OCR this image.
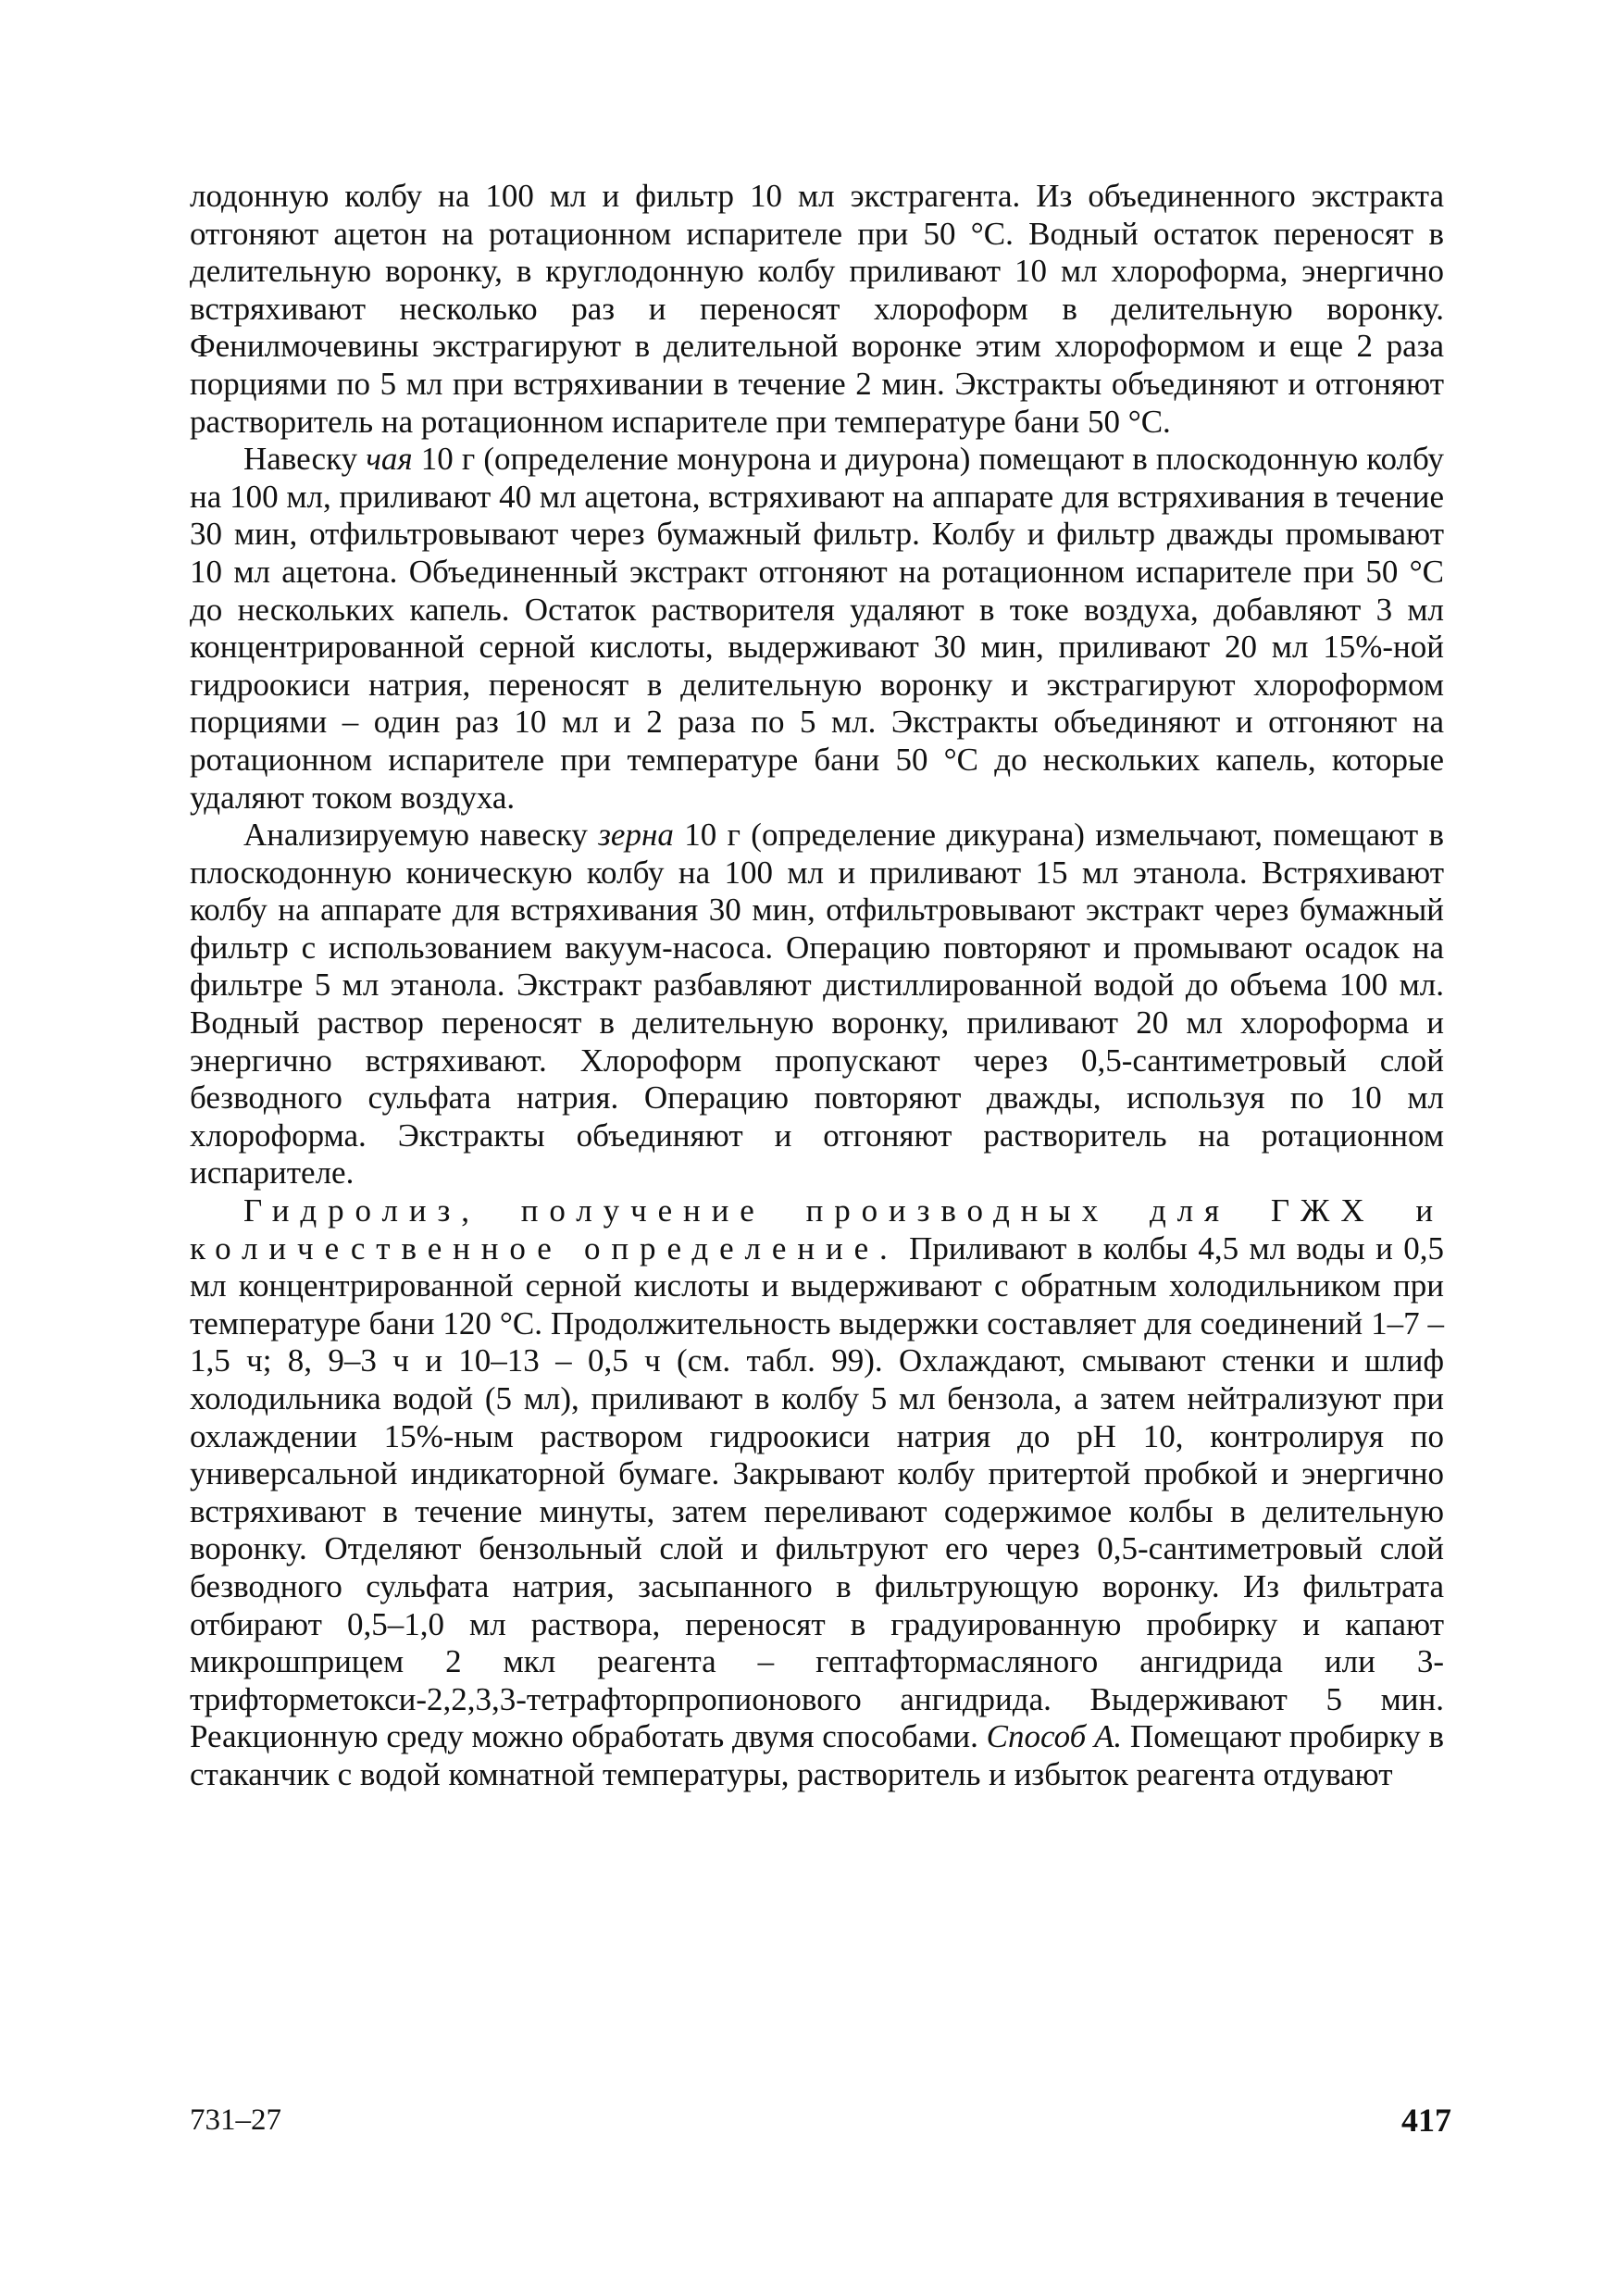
лодонную колбу на 100 мл и фильтр 10 мл экстрагента. Из объединенного экстракта отгоняют ацетон на ротационном испарителе при 50 °С. Водный остаток переносят в делительную воронку, в круглодонную колбу приливают 10 мл хлороформа, энергично встряхивают несколько раз и переносят хлороформ в делительную воронку. Фенилмочевины экстрагируют в делительной воронке этим хлороформом и еще 2 раза порциями по 5 мл при встряхивании в течение 2 мин. Экстракты объединяют и отгоняют растворитель на ротационном испарителе при температуре бани 50 °С.

Навеску чая 10 г (определение монурона и диурона) помещают в плоскодонную колбу на 100 мл, приливают 40 мл ацетона, встряхивают на аппарате для встряхивания в течение 30 мин, отфильтровывают через бумажный фильтр. Колбу и фильтр дважды промывают 10 мл ацетона. Объединенный экстракт отгоняют на ротационном испарителе при 50 °С до нескольких капель. Остаток растворителя удаляют в токе воздуха, добавляют 3 мл концентрированной серной кислоты, выдерживают 30 мин, приливают 20 мл 15%-ной гидроокиси натрия, переносят в делительную воронку и экстрагируют хлороформом порциями – один раз 10 мл и 2 раза по 5 мл. Экстракты объединяют и отгоняют на ротационном испарителе при температуре бани 50 °С до нескольких капель, которые удаляют током воздуха.

Анализируемую навеску зерна 10 г (определение дикурана) измельчают, помещают в плоскодонную коническую колбу на 100 мл и приливают 15 мл этанола. Встряхивают колбу на аппарате для встряхивания 30 мин, отфильтровывают экстракт через бумажный фильтр с использованием вакуум-насоса. Операцию повторяют и промывают осадок на фильтре 5 мл этанола. Экстракт разбавляют дистиллированной водой до объема 100 мл. Водный раствор переносят в делительную воронку, приливают 20 мл хлороформа и энергично встряхивают. Хлороформ пропускают через 0,5-сантиметровый слой безводного сульфата натрия. Операцию повторяют дважды, используя по 10 мл хлороформа. Экстракты объединяют и отгоняют растворитель на ротационном испарителе.

Гидролиз, получение производных для ГЖХ и количественное определение. Приливают в колбы 4,5 мл воды и 0,5 мл концентрированной серной кислоты и выдерживают с обратным холодильником при температуре бани 120 °С. Продолжительность выдержки составляет для соединений 1–7 – 1,5 ч; 8, 9–3 ч и 10–13 – 0,5 ч (см. табл. 99). Охлаждают, смывают стенки и шлиф холодильника водой (5 мл), приливают в колбу 5 мл бензола, а затем нейтрализуют при охлаждении 15%-ным раствором гидроокиси натрия до pH 10, контролируя по универсальной индикаторной бумаге. Закрывают колбу притертой пробкой и энергично встряхивают в течение минуты, затем переливают содержимое колбы в делительную воронку. Отделяют бензольный слой и фильтруют его через 0,5-сантиметровый слой безводного сульфата натрия, засыпанного в фильтрующую воронку. Из фильтрата отбирают 0,5–1,0 мл раствора, переносят в градуированную пробирку и капают микрошприцем 2 мкл реагента – гептафтормасляного ангидрида или 3-трифторметокси-2,2,3,3-тетрафторпропионового ангидрида. Выдерживают 5 мин. Реакционную среду можно обработать двумя способами. Способ А. Помещают пробирку в стаканчик с водой комнатной температуры, растворитель и избыток реагента отдувают

731–27	417
